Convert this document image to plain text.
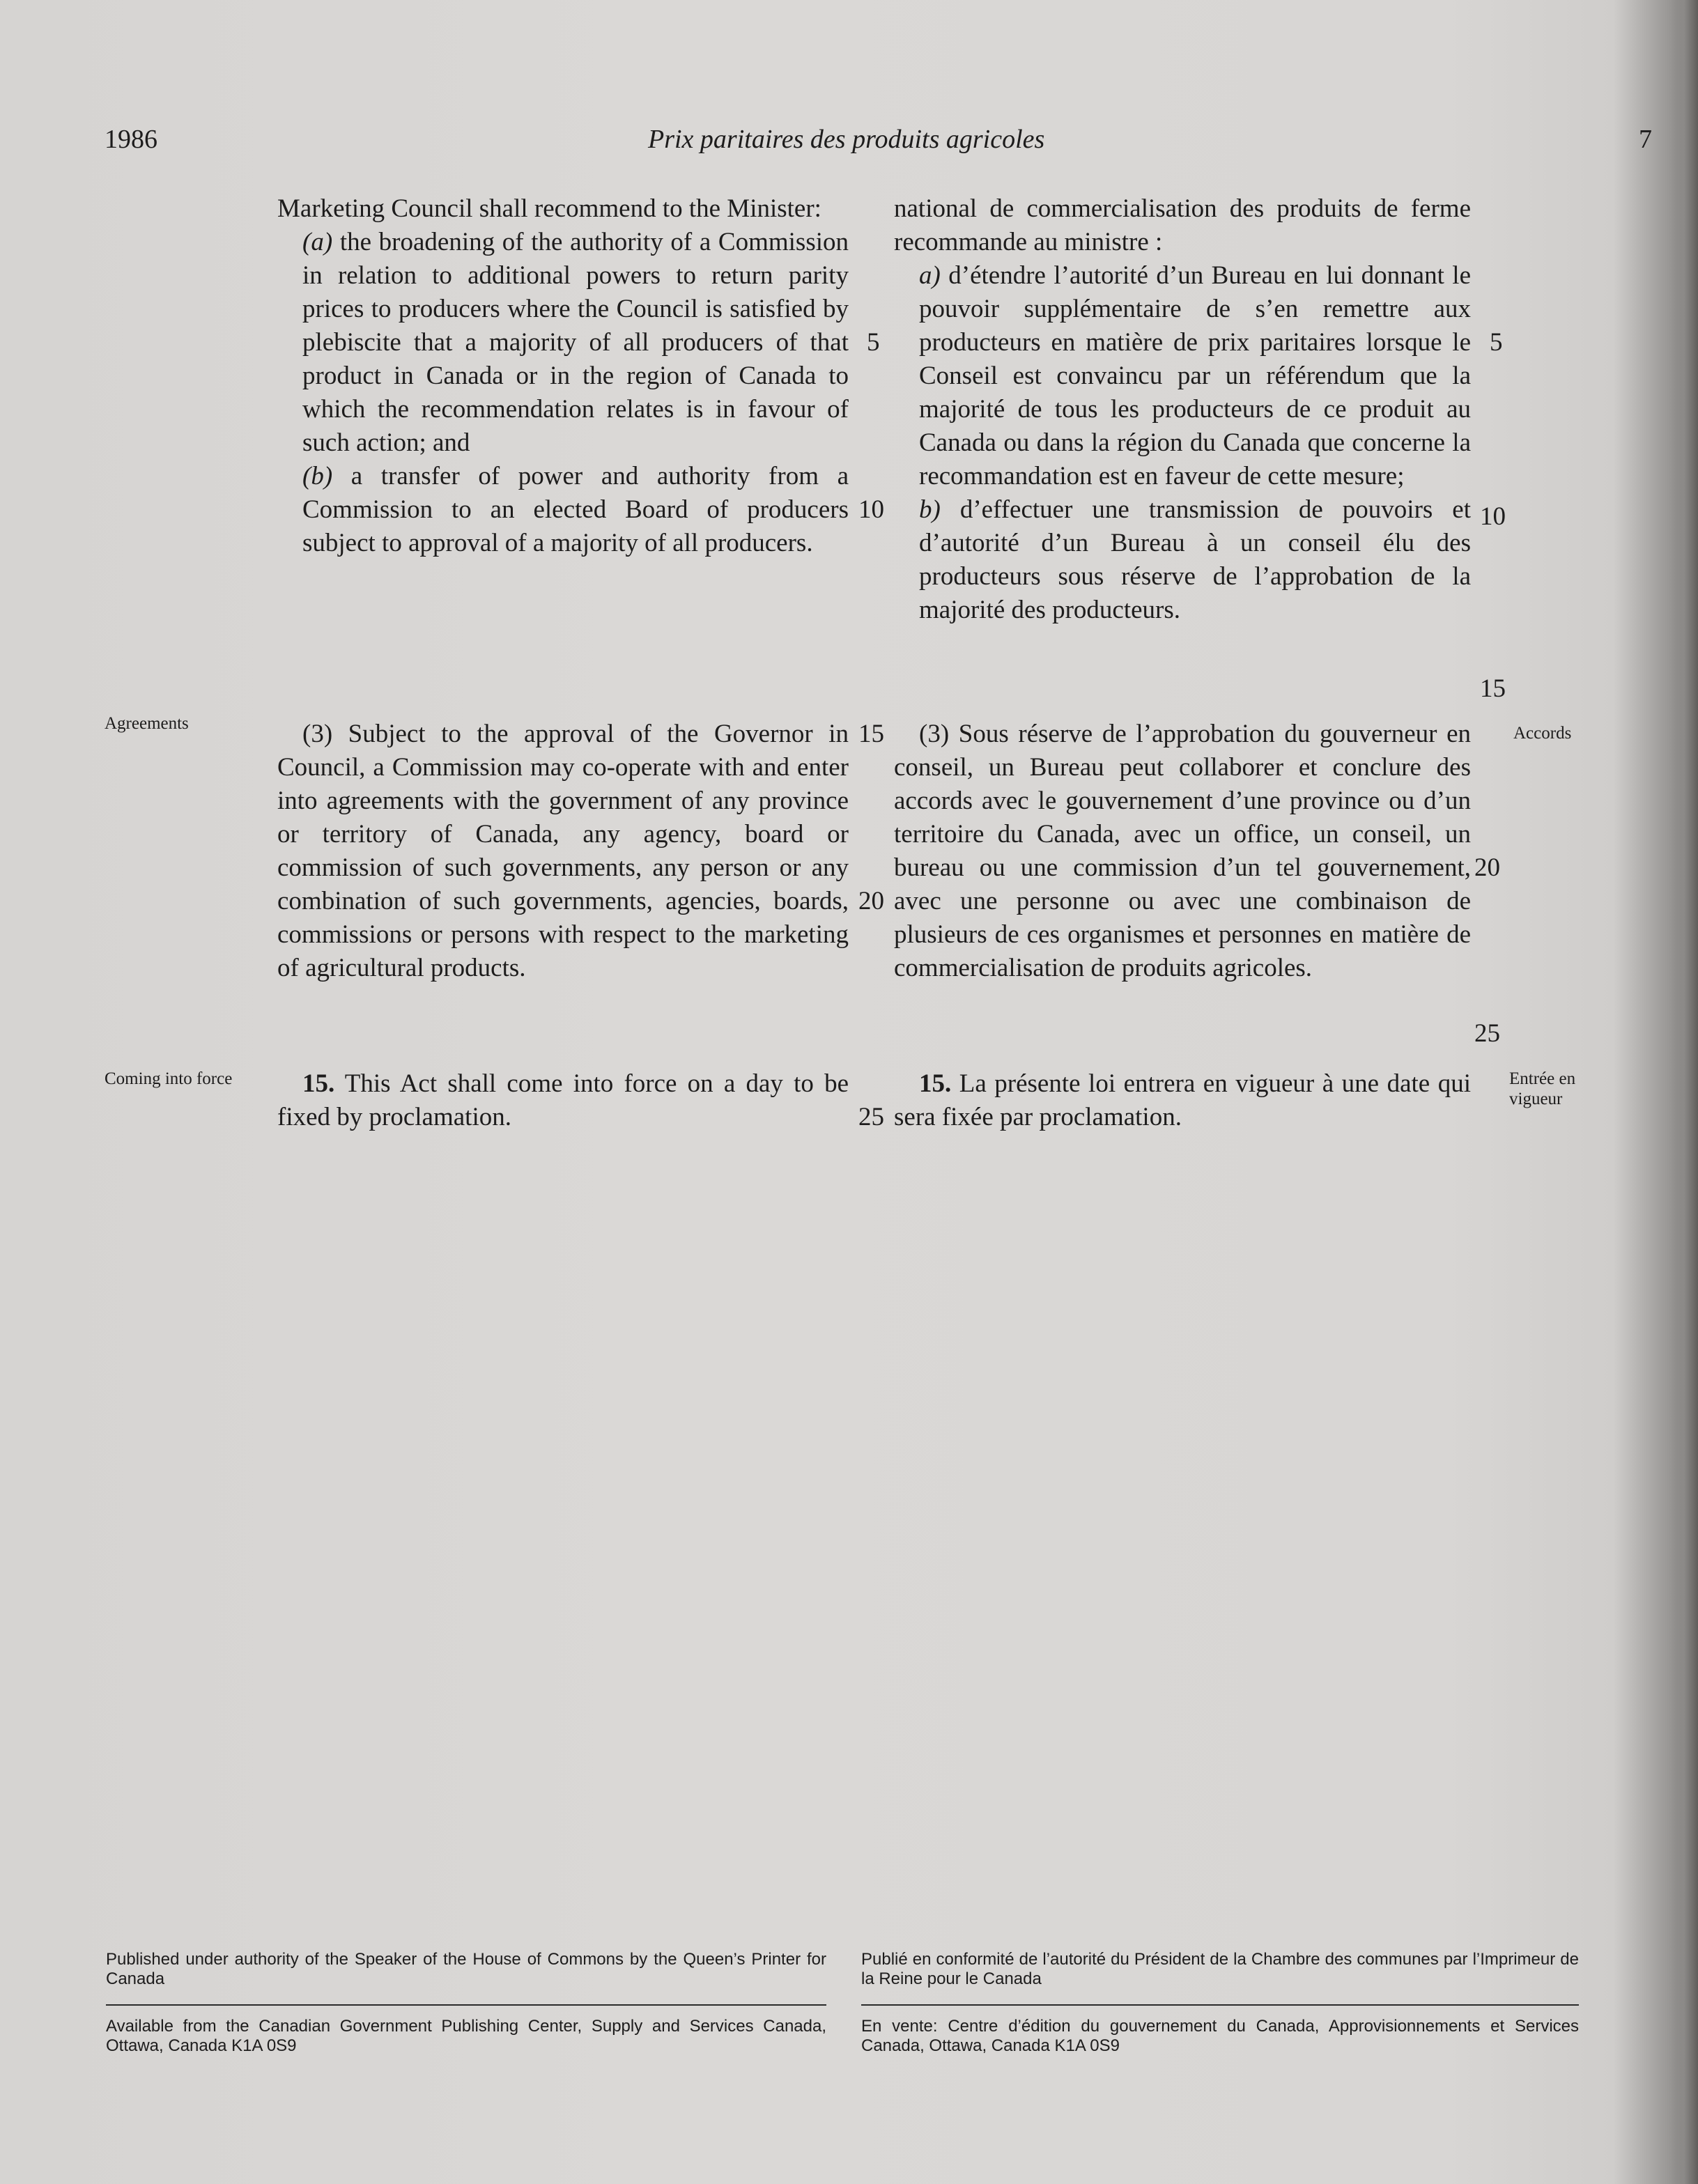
1986	Prix paritaires des produits agricoles	7

Marketing Council shall recommend to the Minister:

(a) the broadening of the authority of a Commission in relation to additional powers to return parity prices to producers where the Council is satisfied by plebiscite that a majority of all producers of that product in Canada or in the region of Canada to which the recommendation relates is in favour of such action; and

(b) a transfer of power and authority from a Commission to an elected Board of producers subject to approval of a majority of all producers.

(3) Subject to the approval of the Governor in Council, a Commission may co-operate with and enter into agreements with the government of any province or territory of Canada, any agency, board or commission of such governments, any person or any combination of such governments, agencies, boards, commissions or persons with respect to the marketing of agricultural products.

15. This Act shall come into force on a day to be fixed by proclamation.

national de commercialisation des produits de ferme recommande au ministre :

a) d’étendre l’autorité d’un Bureau en lui donnant le pouvoir supplémentaire de s’en remettre aux producteurs en matière de prix paritaires lorsque le Conseil est convaincu par un référendum que la majorité de tous les producteurs de ce produit au Canada ou dans la région du Canada que concerne la recommandation est en faveur de cette mesure;

b) d’effectuer une transmission de pouvoirs et d’autorité d’un Bureau à un conseil élu des producteurs sous réserve de l’approbation de la majorité des producteurs.

(3) Sous réserve de l’approbation du gouverneur en conseil, un Bureau peut collaborer et conclure des accords avec le gouvernement d’une province ou d’un territoire du Canada, avec un office, un conseil, un bureau ou une commission d’un tel gouvernement, avec une personne ou avec une combinaison de plusieurs de ces organismes et personnes en matière de commercialisation de produits agricoles.

15. La présente loi entrera en vigueur à une date qui sera fixée par proclamation.

5
10
15
20
25
5
10
15
20
25
Agreements
Coming into force
Accords
Entrée en vigueur
Published under authority of the Speaker of the House of Commons by the Queen’s Printer for Canada
Publié en conformité de l’autorité du Président de la Chambre des communes par l’Imprimeur de la Reine pour le Canada
Available from the Canadian Government Publishing Center, Supply and Services Canada, Ottawa, Canada K1A 0S9
En vente: Centre d’édition du gouvernement du Canada, Approvisionnements et Services Canada, Ottawa, Canada K1A 0S9
